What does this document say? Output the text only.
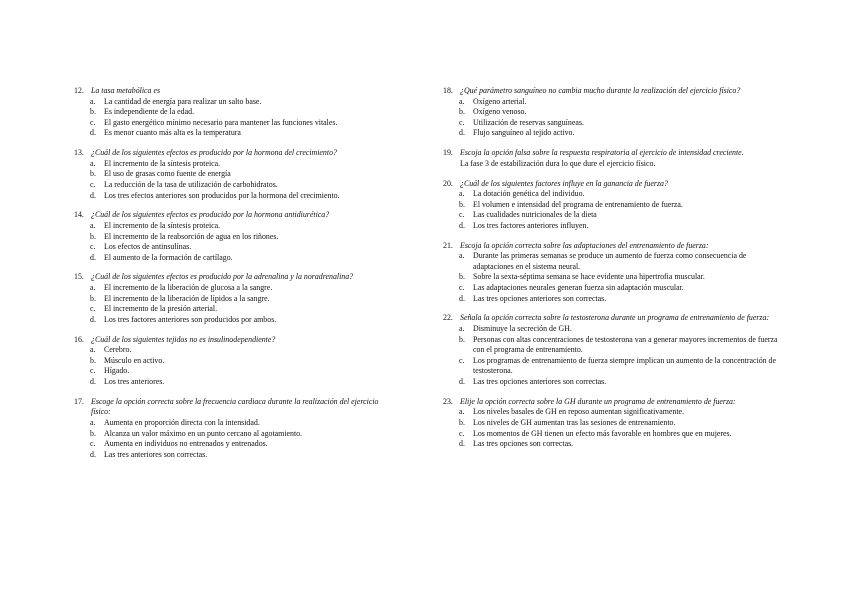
12. La tasa metabólica es
a.	La cantidad de energía para realizar un salto base.
b.	Es independiente de la edad.
c.	El gasto energético mínimo necesario para mantener las funciones vitales.
d.	Es menor cuanto más alta es la temperatura
13. ¿Cuál de los siguientes efectos es producido por la hormona del crecimiento?
a.	El incremento de la síntesis proteica.
b.	El uso de grasas como fuente de energía
c.	La reducción de la tasa de utilización de carbohidratos.
d.	Los tres efectos anteriores son producidos por la hormona del crecimiento.
14. ¿Cuál de los siguientes efectos es producido por la hormona antidiurética?
a.	El incremento de la síntesis proteica.
b.	El incremento de la reabsorción de agua en los riñones.
c.	Los efectos de antinsulínas.
d.	El aumento de la formación de cartílago.
15. ¿Cuál de los siguientes efectos es producido por la adrenalina y la noradrenalina?
a.	El incremento de la liberación de glucosa a la sangre.
b.	El incremento de la liberación de lípidos a la sangre.
c.	El incremento de la presión arterial.
d.	Los tres factores anteriores son producidos por ambos.
16. ¿Cuál de los siguientes tejidos no es insulinodependiente?
a.	Cerebro.
b.	Músculo en activo.
c.	Hígado.
d.	Los tres anteriores.
17. Escoge la opción correcta sobre la frecuencia cardiaca durante la realización del ejercicio físico:
a.	Aumenta en proporción directa con la intensidad.
b.	Alcanza un valor máximo en un punto cercano al agotamiento.
c.	Aumenta en individuos no entrenados y entrenados.
d.	Las tres anteriores son correctas.
18. ¿Qué parámetro sanguíneo no cambia mucho durante la realización del ejercicio físico?
a.	Oxígeno arterial.
b.	Oxígeno venoso.
c.	Utilización de reservas sanguíneas.
d.	Flujo sanguíneo al tejido activo.
19. Escoja la opción falsa sobre la respuesta respiratoria al ejercicio de intensidad creciente.
La fase 3 de estabilización dura lo que dure el ejercicio físico.
20. ¿Cuál de los siguientes factores influye en la ganancia de fuerza?
a.	La dotación genética del individuo.
b.	El volumen e intensidad del programa de entrenamiento de fuerza.
c.	Las cualidades nutricionales de la dieta
d.	Los tres factores anteriores influyen.
21. Escoja la opción correcta sobre las adaptaciones del entrenamiento de fuerza:
a.	Durante las primeras semanas se produce un aumento de fuerza como consecuencia de adaptaciones en el sistema neural.
b.	Sobre la sexta-séptima semana se hace evidente una hipertrofia muscular.
c.	Las adaptaciones neurales generan fuerza sin adaptación muscular.
d.	Las tres opciones anteriores son correctas.
22. Señala la opción correcta sobre la testosterona durante un programa de entrenamiento de fuerza:
a.	Disminuye la secreción de GH.
b.	Personas con altas concentraciones de testosterona van a generar mayores incrementos de fuerza con el programa de entrenamiento.
c.	Los programas de entrenamiento de fuerza siempre implican un aumento de la concentración de testosterona.
d.	Las tres opciones anteriores son correctas.
23. Elije la opción correcta sobre la GH durante un programa de entrenamiento de fuerza:
a.	Los niveles basales de GH en reposo aumentan significativamente.
b.	Los niveles de GH aumentan tras las sesiones de entrenamiento.
c.	Los momentos de GH tienen un efecto más favorable en hombres que en mujeres.
d.	Las tres opciones son correctas.
